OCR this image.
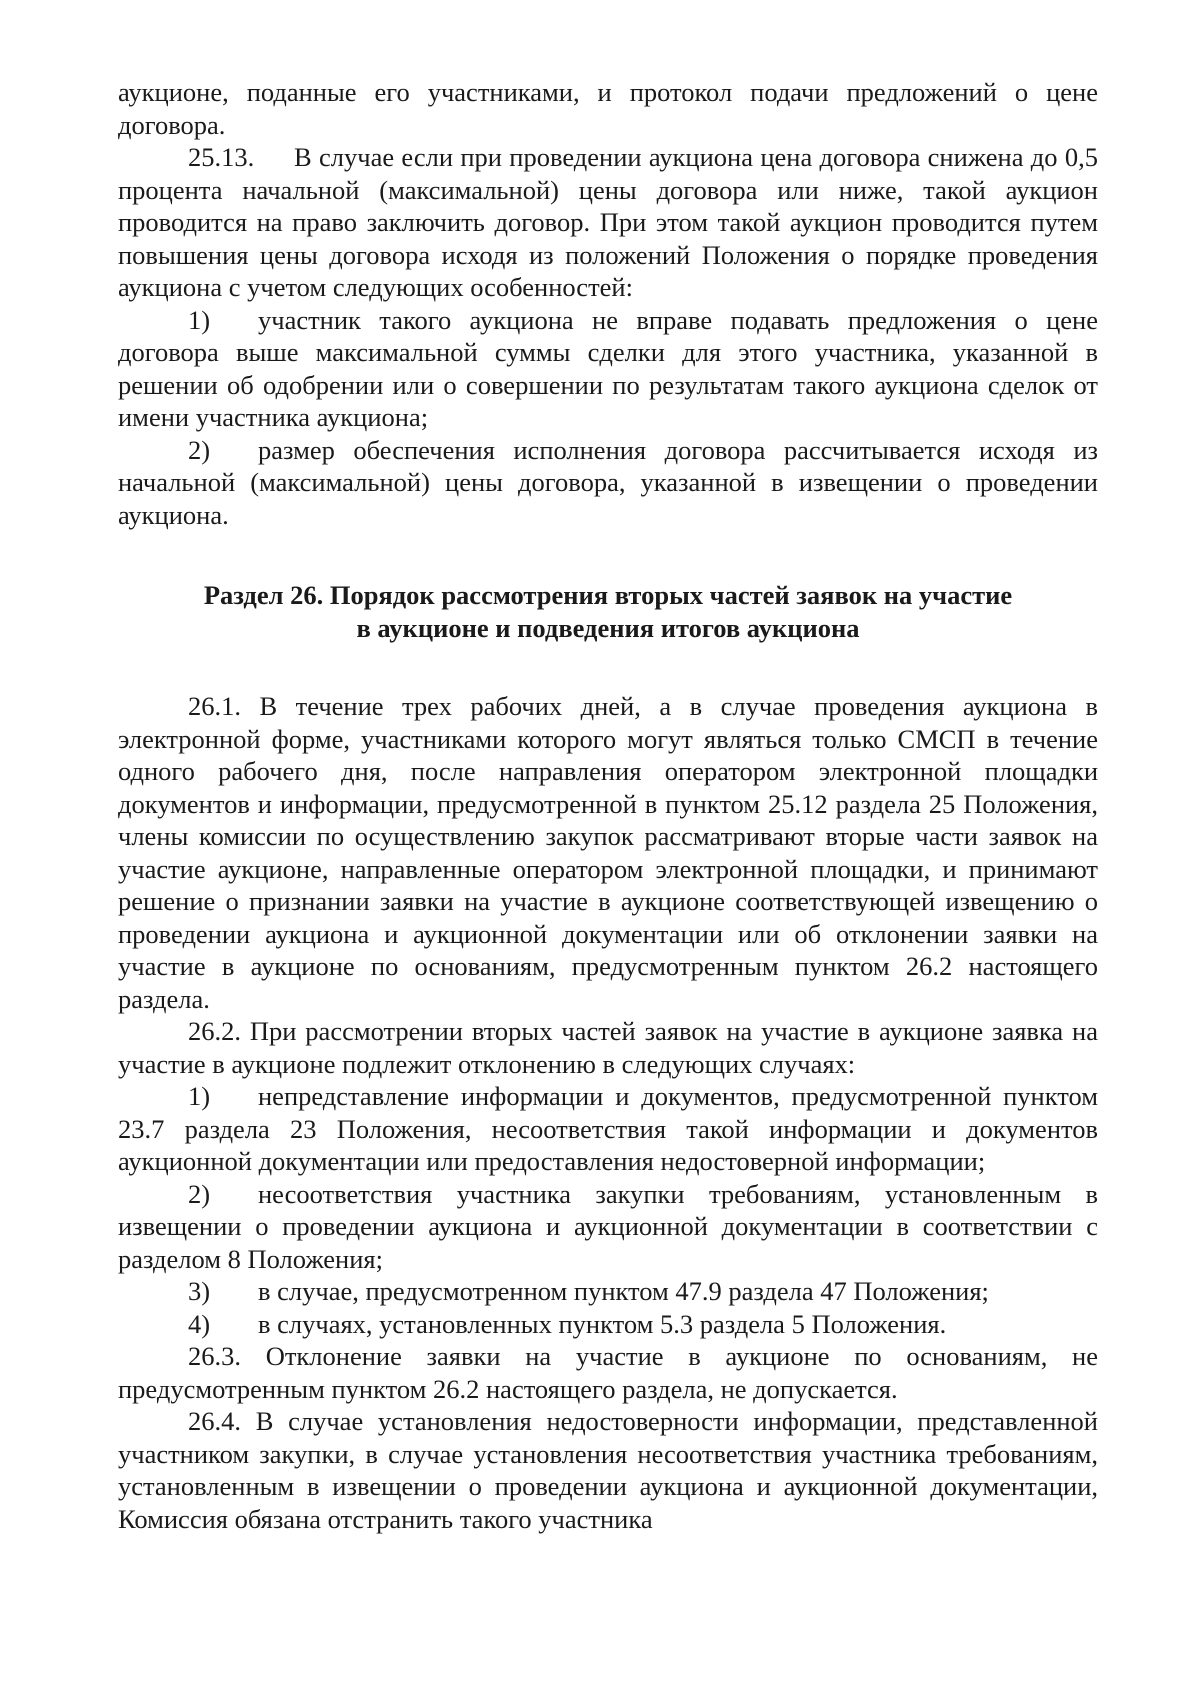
аукционе, поданные его участниками, и протокол подачи предложений о цене договора.

25.13. В случае если при проведении аукциона цена договора снижена до 0,5 процента начальной (максимальной) цены договора или ниже, такой аукцион проводится на право заключить договор. При этом такой аукцион проводится путем повышения цены договора исходя из положений Положения о порядке проведения аукциона с учетом следующих особенностей:

1) участник такого аукциона не вправе подавать предложения о цене договора выше максимальной суммы сделки для этого участника, указанной в решении об одобрении или о совершении по результатам такого аукциона сделок от имени участника аукциона;

2) размер обеспечения исполнения договора рассчитывается исходя из начальной (максимальной) цены договора, указанной в извещении о проведении аукциона.

Раздел 26. Порядок рассмотрения вторых частей заявок на участие
в аукционе и подведения итогов аукциона

26.1. В течение трех рабочих дней, а в случае проведения аукциона в электронной форме, участниками которого могут являться только СМСП в течение одного рабочего дня, после направления оператором электронной площадки документов и информации, предусмотренной в пунктом 25.12 раздела 25 Положения, члены комиссии по осуществлению закупок рассматривают вторые части заявок на участие аукционе, направленные оператором электронной площадки, и принимают решение о признании заявки на участие в аукционе соответствующей извещению о проведении аукциона и аукционной документации или об отклонении заявки на участие в аукционе по основаниям, предусмотренным пунктом 26.2 настоящего раздела.

26.2. При рассмотрении вторых частей заявок на участие в аукционе заявка на участие в аукционе подлежит отклонению в следующих случаях:

1) непредставление информации и документов, предусмотренной пунктом 23.7 раздела 23 Положения, несоответствия такой информации и документов аукционной документации или предоставления недостоверной информации;

2) несоответствия участника закупки требованиям, установленным в извещении о проведении аукциона и аукционной документации в соответствии с разделом 8 Положения;

3) в случае, предусмотренном пунктом 47.9 раздела 47 Положения;

4) в случаях, установленных пунктом 5.3 раздела 5 Положения.

26.3. Отклонение заявки на участие в аукционе по основаниям, не предусмотренным пунктом 26.2 настоящего раздела, не допускается.

26.4. В случае установления недостоверности информации, представленной участником закупки, в случае установления несоответствия участника требованиям, установленным в извещении о проведении аукциона и аукционной документации, Комиссия обязана отстранить такого участника
